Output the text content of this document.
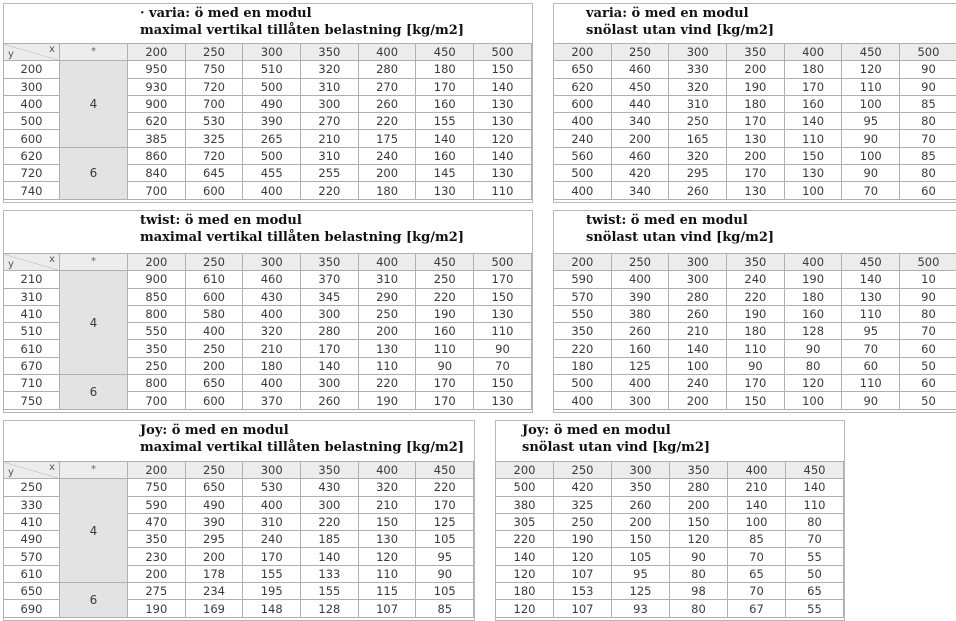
· varia: ö med en modul
maximal vertikal tillåten belastning [kg/m2]
varia: ö med en modul
snölast utan vind [kg/m2]
y x	*	200	250	300	350	400	450	500
200	4	950	750	510	320	280	180	150
300		930	720	500	310	270	170	140
400		900	700	490	300	260	160	130
500		620	530	390	270	220	155	130
600		385	325	265	210	175	140	120
620	6	860	720	500	310	240	160	140
720		840	645	455	255	200	145	130
740		700	600	400	220	180	130	110
200	250	300	350	400	450	500
650	460	330	200	180	120	90
620	450	320	190	170	110	90
600	440	310	180	160	100	85
400	340	250	170	140	95	80
240	200	165	130	110	90	70
560	460	320	200	150	100	85
500	420	295	170	130	90	80
400	340	260	130	100	70	60
twist: ö med en modul
maximal vertikal tillåten belastning [kg/m2]
twist: ö med en modul
snölast utan vind [kg/m2]
y x	*	200	250	300	350	400	450	500
210	4	900	610	460	370	310	250	170
310		850	600	430	345	290	220	150
410		800	580	400	300	250	190	130
510		550	400	320	280	200	160	110
610		350	250	210	170	130	110	90
670		250	200	180	140	110	90	70
710	6	800	650	400	300	220	170	150
750		700	600	370	260	190	170	130
200	250	300	350	400	450	500
590	400	300	240	190	140	10
570	390	280	220	180	130	90
550	380	260	190	160	110	80
350	260	210	180	128	95	70
220	160	140	110	90	70	60
180	125	100	90	80	60	50
500	400	240	170	120	110	60
400	300	200	150	100	90	50
Joy: ö med en modul
maximal vertikal tillåten belastning [kg/m2]
Joy: ö med en modul
snölast utan vind [kg/m2]
y x	*	200	250	300	350	400	450
250	4	750	650	530	430	320	220
330		590	490	400	300	210	170
410		470	390	310	220	150	125
490		350	295	240	185	130	105
570		230	200	170	140	120	95
610		200	178	155	133	110	90
650	6	275	234	195	155	115	105
690		190	169	148	128	107	85
200	250	300	350	400	450
500	420	350	280	210	140
380	325	260	200	140	110
305	250	200	150	100	80
220	190	150	120	85	70
140	120	105	90	70	55
120	107	95	80	65	50
180	153	125	98	70	65
120	107	93	80	67	55
